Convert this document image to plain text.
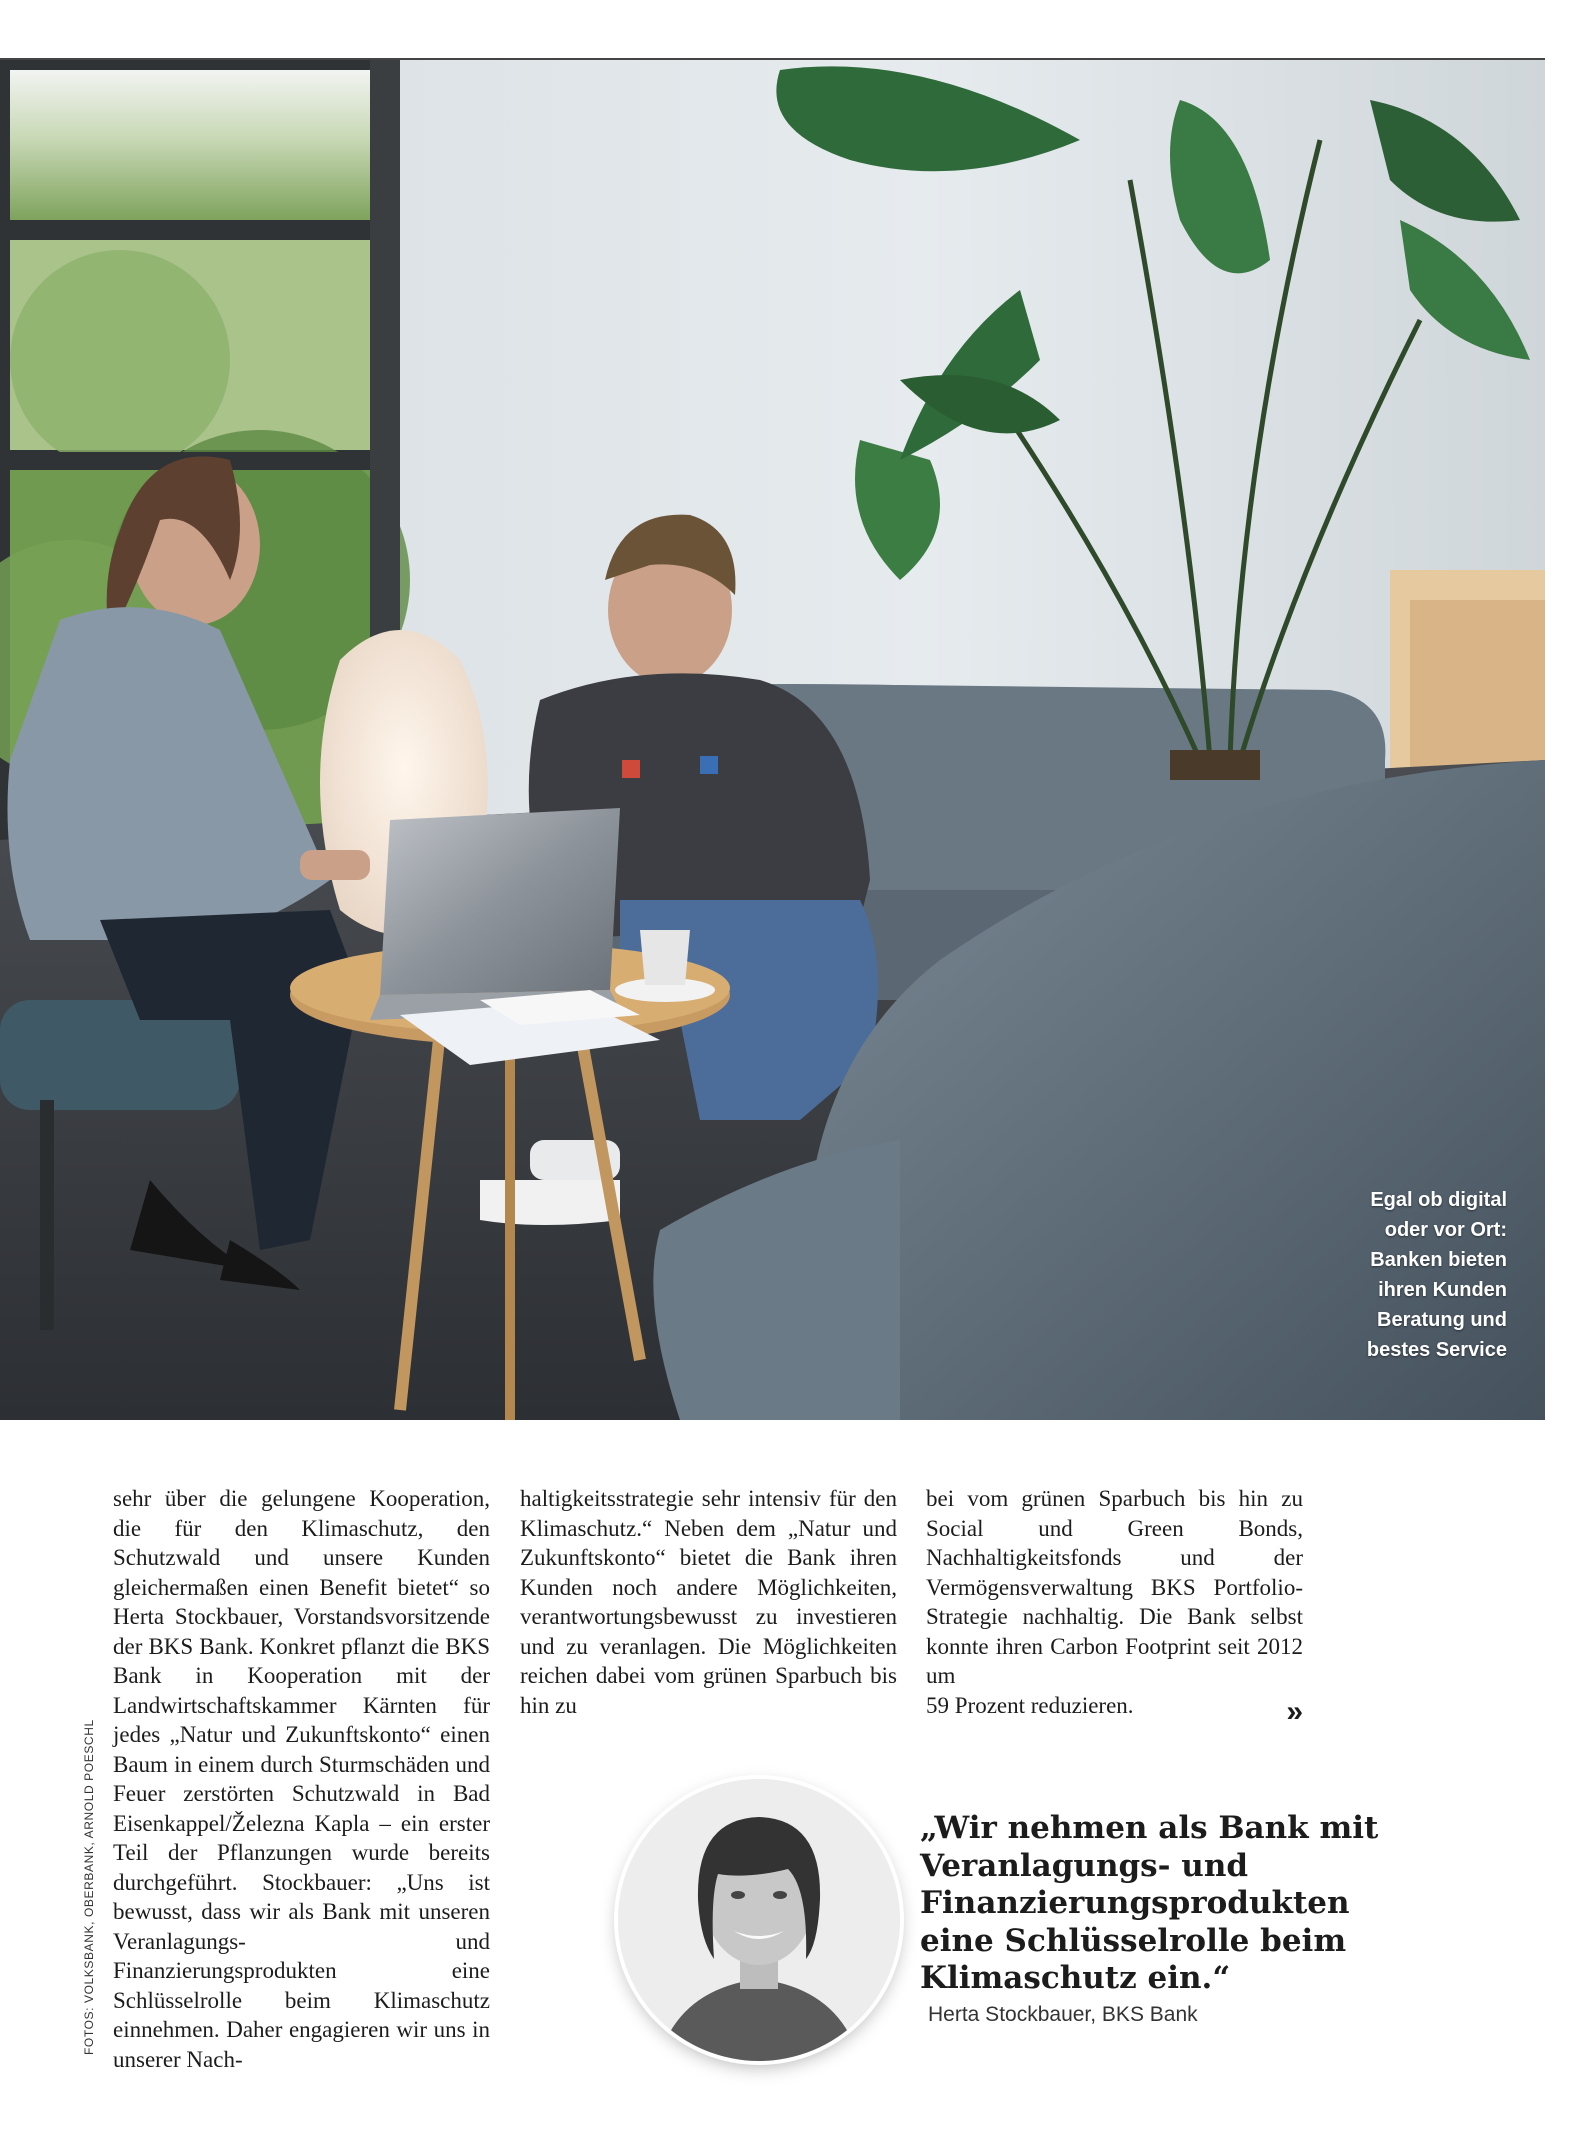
Egal ob digital
oder vor Ort:
Banken bieten
ihren Kunden
Beratung und
bestes Service
sehr über die gelungene Kooperation, die für den Klimaschutz, den Schutzwald und unsere Kunden gleichermaßen einen Benefit bietet“ so Herta Stockbauer, Vorstandsvorsitzende der BKS Bank. Konkret pflanzt die BKS Bank in Kooperation mit der Landwirtschaftskammer Kärnten für jedes „Natur und Zukunftskonto“ einen Baum in einem durch Sturmschäden und Feuer zerstörten Schutzwald in Bad Eisenkappel/Železna Kapla – ein erster Teil der Pflanzungen wurde bereits durchgeführt. Stockbauer: „Uns ist bewusst, dass wir als Bank mit unseren Veranlagungs- und Finanzierungsprodukten eine Schlüsselrolle beim Klimaschutz einnehmen. Daher engagieren wir uns in unserer Nach-
haltigkeitsstrategie sehr intensiv für den Klimaschutz.“ Neben dem „Natur und Zukunftskonto“ bietet die Bank ihren Kunden noch andere Möglichkeiten, verantwortungsbewusst zu investieren und zu veranlagen. Die Möglichkeiten reichen dabei vom grünen Sparbuch bis hin zu
bei vom grünen Sparbuch bis hin zu Social und Green Bonds, Nachhaltigkeitsfonds und der Vermögensverwaltung BKS Portfolio-Strategie nachhaltig. Die Bank selbst konnte ihren Carbon Footprint seit 2012 um
59 Prozent reduzieren.	»
FOTOS: VOLKSBANK, OBERBANK, ARNOLD POESCHL	„Wir nehmen als Bank mit
Veranlagungs- und
Finanzierungsprodukten
eine Schlüsselrolle beim
Klimaschutz ein.“
Herta Stockbauer, BKS Bank
